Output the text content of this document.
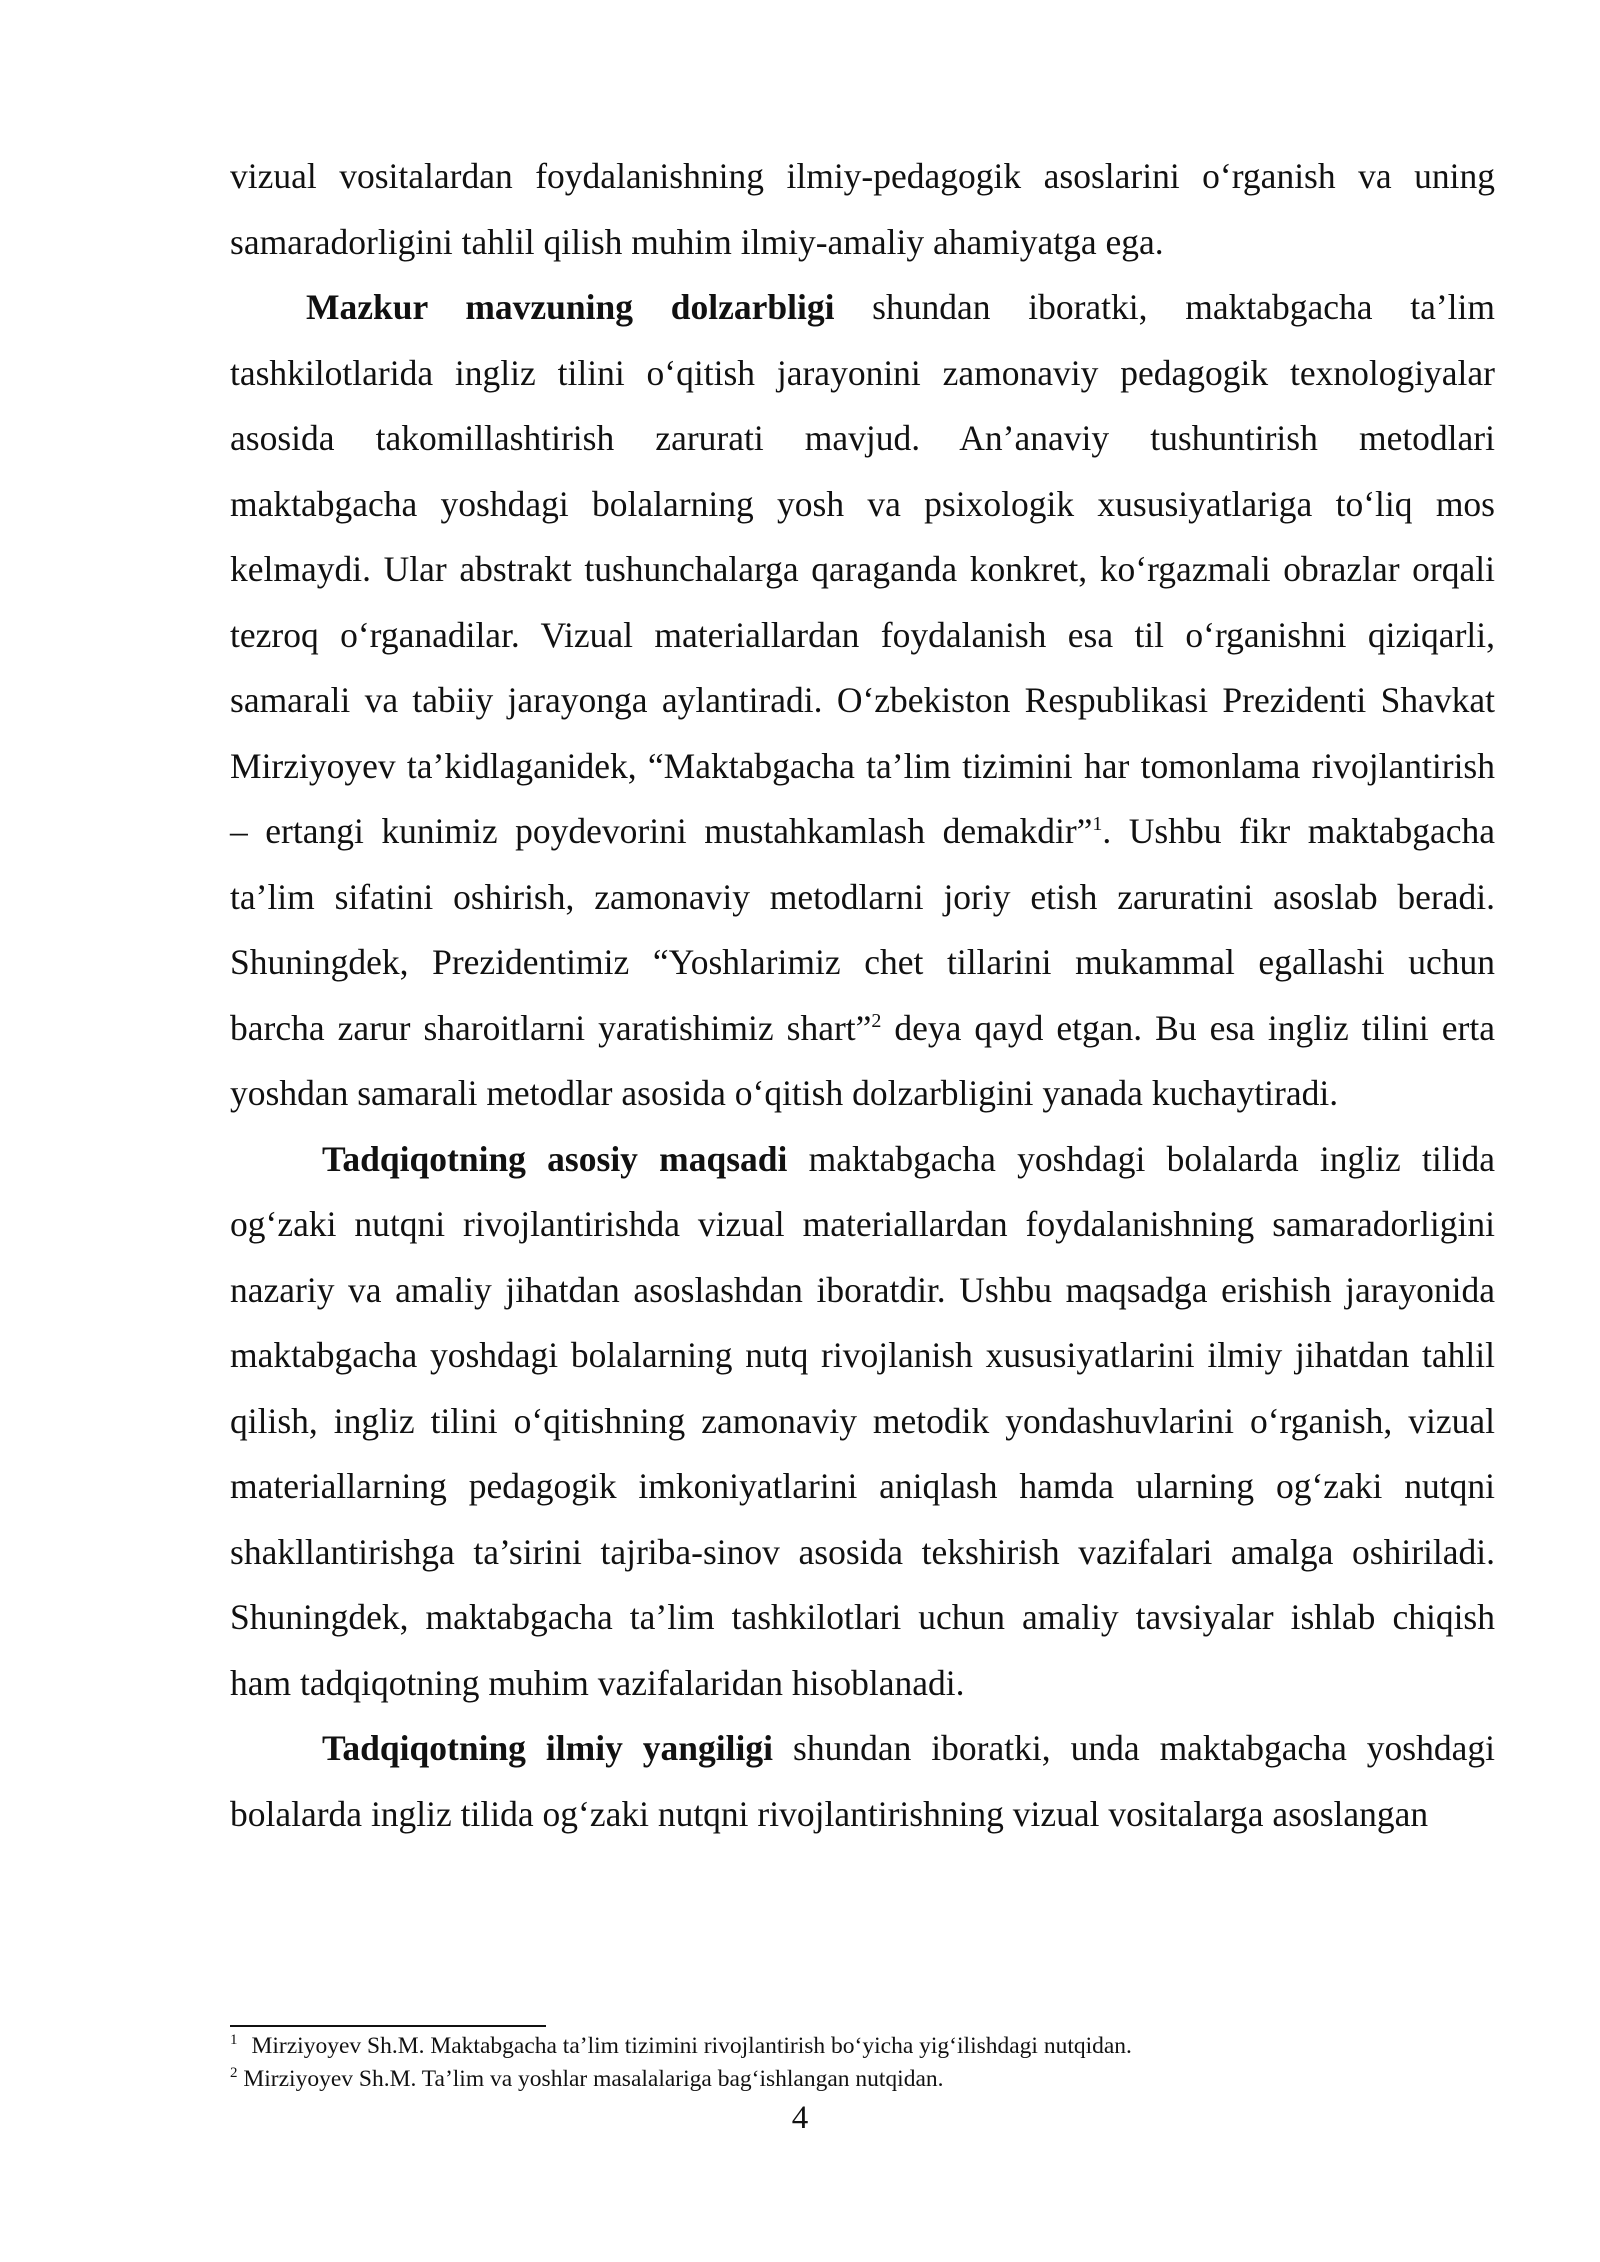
vizual vositalardan foydalanishning ilmiy-pedagogik asoslarini o‘rganish va uning samaradorligini tahlil qilish muhim ilmiy-amaliy ahamiyatga ega.

Mazkur mavzuning dolzarbligi shundan iboratki, maktabgacha ta’lim tashkilotlarida ingliz tilini o‘qitish jarayonini zamonaviy pedagogik texnologiyalar asosida takomillashtirish zarurati mavjud. An’anaviy tushuntirish metodlari maktabgacha yoshdagi bolalarning yosh va psixologik xususiyatlariga to‘liq mos kelmaydi. Ular abstrakt tushunchalarga qaraganda konkret, ko‘rgazmali obrazlar orqali tezroq o‘rganadilar. Vizual materiallardan foydalanish esa til o‘rganishni qiziqarli, samarali va tabiiy jarayonga aylantiradi. O‘zbekiston Respublikasi Prezidenti Shavkat Mirziyoyev ta’kidlaganidek, “Maktabgacha ta’lim tizimini har tomonlama rivojlantirish – ertangi kunimiz poydevorini mustahkamlash demakdir”$^1$. Ushbu fikr maktabgacha ta’lim sifatini oshirish, zamonaviy metodlarni joriy etish zaruratini asoslab beradi. Shuningdek, Prezidentimiz “Yoshlarimiz chet tillarini mukammal egallashi uchun barcha zarur sharoitlarni yaratishimiz shart”$^2$ deya qayd etgan. Bu esa ingliz tilini erta yoshdan samarali metodlar asosida o‘qitish dolzarbligini yanada kuchaytiradi.

Tadqiqotning asosiy maqsadi maktabgacha yoshdagi bolalarda ingliz tilida og‘zaki nutqni rivojlantirishda vizual materiallardan foydalanishning samaradorligini nazariy va amaliy jihatdan asoslashdan iboratdir. Ushbu maqsadga erishish jarayonida maktabgacha yoshdagi bolalarning nutq rivojlanish xususiyatlarini ilmiy jihatdan tahlil qilish, ingliz tilini o‘qitishning zamonaviy metodik yondashuvlarini o‘rganish, vizual materiallarning pedagogik imkoniyatlarini aniqlash hamda ularning og‘zaki nutqni shakllantirishga ta’sirini tajriba-sinov asosida tekshirish vazifalari amalga oshiriladi. Shuningdek, maktabgacha ta’lim tashkilotlari uchun amaliy tavsiyalar ishlab chiqish ham tadqiqotning muhim vazifalaridan hisoblanadi.

Tadqiqotning ilmiy yangiligi shundan iboratki, unda maktabgacha yoshdagi bolalarda ingliz tilida og‘zaki nutqni rivojlantirishning vizual vositalarga asoslangan

$^1$ Mirziyoyev Sh.M. Maktabgacha ta’lim tizimini rivojlantirish bo‘yicha yig‘ilishdagi nutqidan.

$^2$ Mirziyoyev Sh.M. Ta’lim va yoshlar masalalariga bag‘ishlangan nutqidan.

4
